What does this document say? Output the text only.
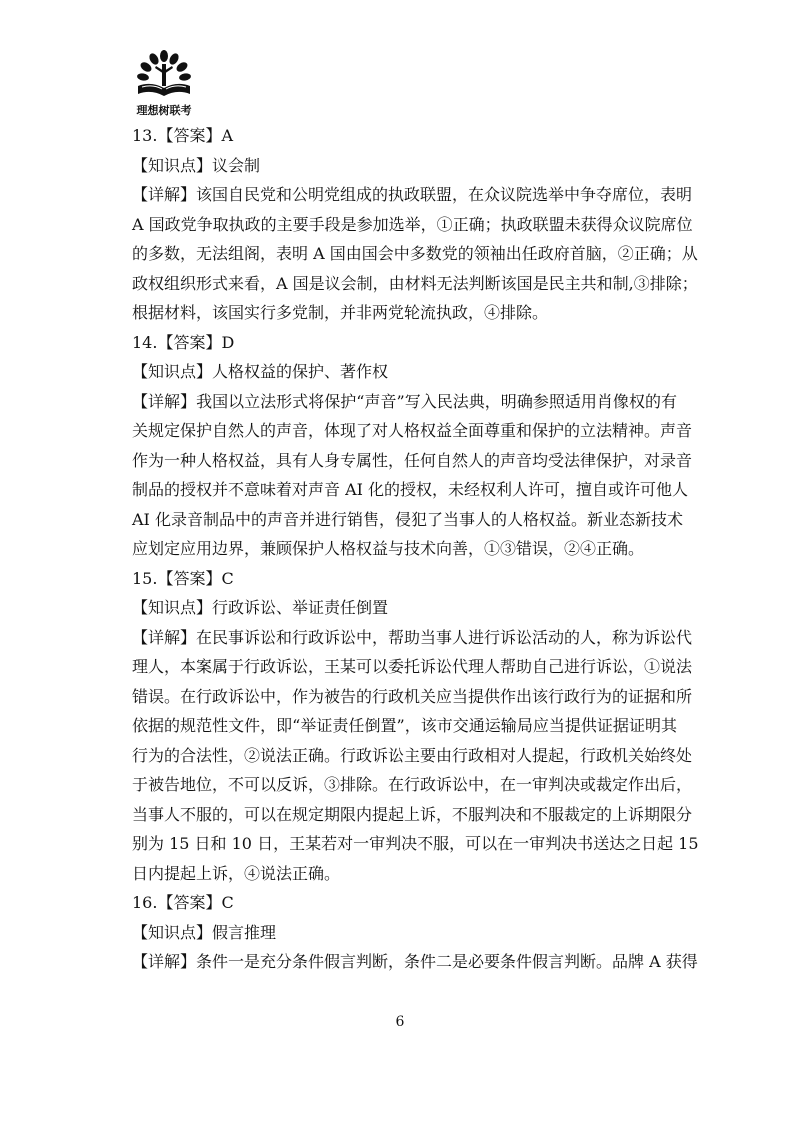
理想树联考
13.【答案】A
【知识点】议会制
【详解】该国自民党和公明党组成的执政联盟，在众议院选举中争夺席位，表明
A 国政党争取执政的主要手段是参加选举，①正确；执政联盟未获得众议院席位
的多数，无法组阁，表明 A 国由国会中多数党的领袖出任政府首脑，②正确；从
政权组织形式来看，A 国是议会制，由材料无法判断该国是民主共和制,③排除；
根据材料，该国实行多党制，并非两党轮流执政，④排除。
14.【答案】D
【知识点】人格权益的保护、著作权
【详解】我国以立法形式将保护“声音”写入民法典，明确参照适用肖像权的有
关规定保护自然人的声音，体现了对人格权益全面尊重和保护的立法精神。声音
作为一种人格权益，具有人身专属性，任何自然人的声音均受法律保护，对录音
制品的授权并不意味着对声音 AI 化的授权，未经权利人许可，擅自或许可他人
AI 化录音制品中的声音并进行销售，侵犯了当事人的人格权益。新业态新技术
应划定应用边界，兼顾保护人格权益与技术向善，①③错误，②④正确。
15.【答案】C
【知识点】行政诉讼、举证责任倒置
【详解】在民事诉讼和行政诉讼中，帮助当事人进行诉讼活动的人，称为诉讼代
理人，本案属于行政诉讼，王某可以委托诉讼代理人帮助自己进行诉讼，①说法
错误。在行政诉讼中，作为被告的行政机关应当提供作出该行政行为的证据和所
依据的规范性文件，即“举证责任倒置”，该市交通运输局应当提供证据证明其
行为的合法性，②说法正确。行政诉讼主要由行政相对人提起，行政机关始终处
于被告地位，不可以反诉，③排除。在行政诉讼中，在一审判决或裁定作出后，
当事人不服的，可以在规定期限内提起上诉，不服判决和不服裁定的上诉期限分
别为 15 日和 10 日，王某若对一审判决不服，可以在一审判决书送达之日起 15
日内提起上诉，④说法正确。
16.【答案】C
【知识点】假言推理
【详解】条件一是充分条件假言判断，条件二是必要条件假言判断。品牌 A 获得
6
